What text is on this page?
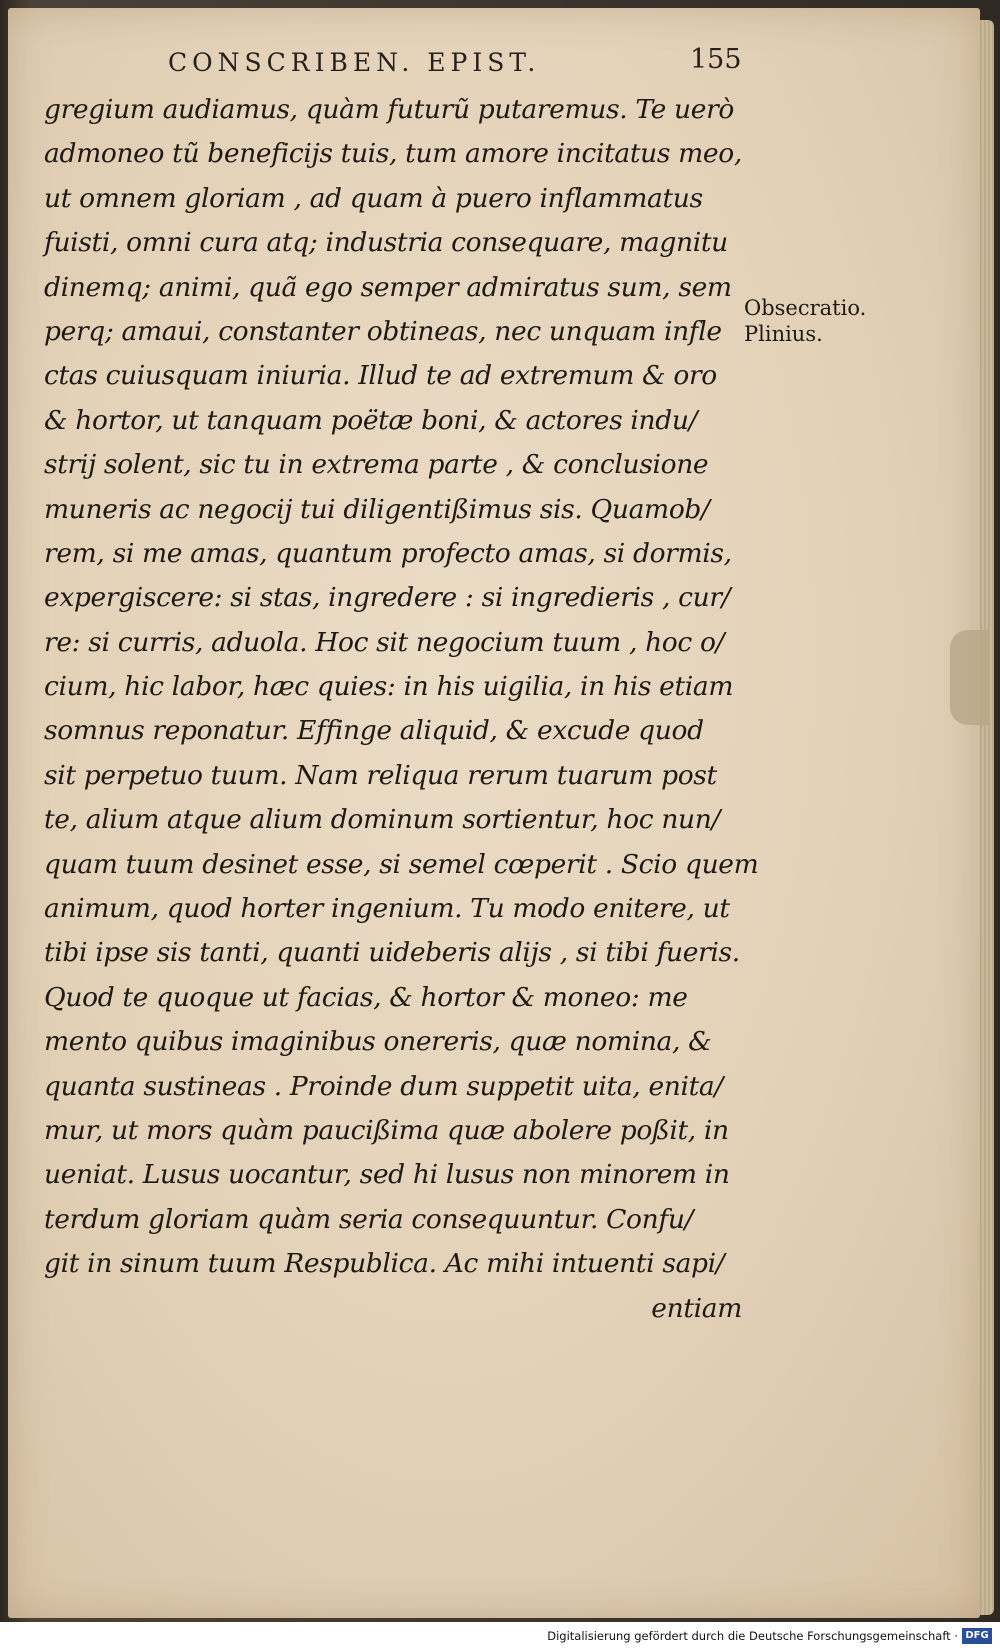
CONSCRIBEN. EPIST.	155
gregium audiamus, quàm futurũ putaremus. Te uerò
admoneo tũ beneficijs tuis, tum amore incitatus meo,
ut omnem gloriam , ad quam à puero inflammatus
fuisti, omni cura atq; industria consequare, magnitu
dinemq; animi, quã ego semper admiratus sum, sem
perq; amaui, constanter obtineas, nec unquam infle
ctas cuiusquam iniuria. Illud te ad extremum & oro
& hortor, ut tanquam poëtæ boni, & actores indu/
strij solent, sic tu in extrema parte , & conclusione
muneris ac negocij tui diligentißimus sis. Quamob/
rem, si me amas, quantum profecto amas, si dormis,
expergiscere: si stas, ingredere : si ingredieris , cur/
re: si curris, aduola. Hoc sit negocium tuum , hoc o/
cium, hic labor, hæc quies: in his uigilia, in his etiam
somnus reponatur. Effinge aliquid, & excude quod
sit perpetuo tuum. Nam reliqua rerum tuarum post
te, alium atque alium dominum sortientur, hoc nun/
quam tuum desinet esse, si semel cœperit . Scio quem
animum, quod horter ingenium. Tu modo enitere, ut
tibi ipse sis tanti, quanti uideberis alijs , si tibi fueris.
Quod te quoque ut facias, & hortor & moneo: me
mento quibus imaginibus onereris, quæ nomina, &
quanta sustineas . Proinde dum suppetit uita, enita/
mur, ut mors quàm paucißima quæ abolere poßit, in
ueniat. Lusus uocantur, sed hi lusus non minorem in
terdum gloriam quàm seria consequuntur. Confu/
git in sinum tuum Respublica. Ac mihi intuenti sapi/
entiam
Obsecratio.
Plinius.
Digitalisierung gefördert durch die Deutsche Forschungsgemeinschaft · DFG
